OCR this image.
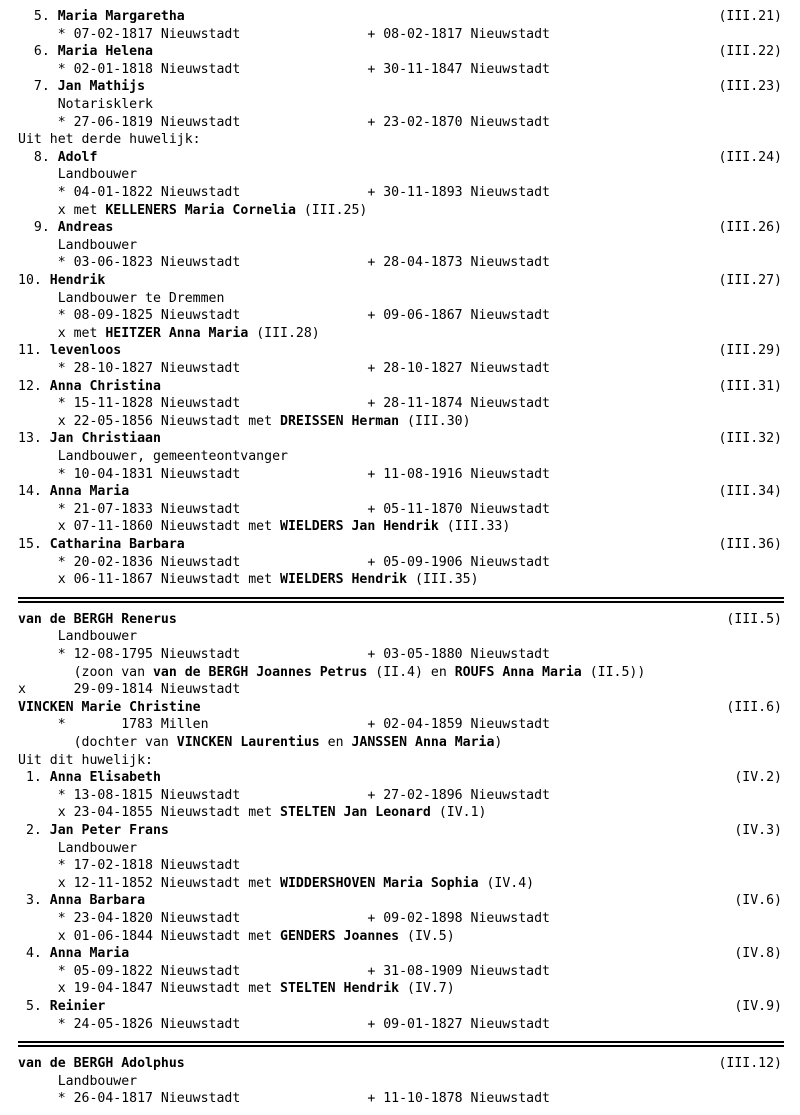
5. Maria Margaretha	(III.21)
* 07-02-1817 Nieuwstadt                + 08-02-1817 Nieuwstadt
6. Maria Helena	(III.22)
* 02-01-1818 Nieuwstadt                + 30-11-1847 Nieuwstadt
7. Jan Mathijs	(III.23)
Notarisklerk
* 27-06-1819 Nieuwstadt                + 23-02-1870 Nieuwstadt
Uit het derde huwelijk:
8. Adolf	(III.24)
Landbouwer
* 04-01-1822 Nieuwstadt                + 30-11-1893 Nieuwstadt
x met KELLENERS Maria Cornelia (III.25)
9. Andreas	(III.26)
Landbouwer
* 03-06-1823 Nieuwstadt                + 28-04-1873 Nieuwstadt
10. Hendrik	(III.27)
Landbouwer te Dremmen
* 08-09-1825 Nieuwstadt                + 09-06-1867 Nieuwstadt
x met HEITZER Anna Maria (III.28)
11. levenloos	(III.29)
* 28-10-1827 Nieuwstadt                + 28-10-1827 Nieuwstadt
12. Anna Christina	(III.31)
* 15-11-1828 Nieuwstadt                + 28-11-1874 Nieuwstadt
x 22-05-1856 Nieuwstadt met DREISSEN Herman (III.30)
13. Jan Christiaan	(III.32)
Landbouwer, gemeenteontvanger
* 10-04-1831 Nieuwstadt                + 11-08-1916 Nieuwstadt
14. Anna Maria	(III.34)
* 21-07-1833 Nieuwstadt                + 05-11-1870 Nieuwstadt
x 07-11-1860 Nieuwstadt met WIELDERS Jan Hendrik (III.33)
15. Catharina Barbara	(III.36)
* 20-02-1836 Nieuwstadt                + 05-09-1906 Nieuwstadt
x 06-11-1867 Nieuwstadt met WIELDERS Hendrik (III.35)
van de BERGH Renerus	(III.5)
Landbouwer
* 12-08-1795 Nieuwstadt                + 03-05-1880 Nieuwstadt
(zoon van van de BERGH Joannes Petrus (II.4) en ROUFS Anna Maria (II.5))
x      29-09-1814 Nieuwstadt
VINCKEN Marie Christine	(III.6)
*       1783 Millen                    + 02-04-1859 Nieuwstadt
(dochter van VINCKEN Laurentius en JANSSEN Anna Maria)
Uit dit huwelijk:
1. Anna Elisabeth	(IV.2)
* 13-08-1815 Nieuwstadt                + 27-02-1896 Nieuwstadt
x 23-04-1855 Nieuwstadt met STELTEN Jan Leonard (IV.1)
2. Jan Peter Frans	(IV.3)
Landbouwer
* 17-02-1818 Nieuwstadt
x 12-11-1852 Nieuwstadt met WIDDERSHOVEN Maria Sophia (IV.4)
3. Anna Barbara	(IV.6)
* 23-04-1820 Nieuwstadt                + 09-02-1898 Nieuwstadt
x 01-06-1844 Nieuwstadt met GENDERS Joannes (IV.5)
4. Anna Maria	(IV.8)
* 05-09-1822 Nieuwstadt                + 31-08-1909 Nieuwstadt
x 19-04-1847 Nieuwstadt met STELTEN Hendrik (IV.7)
5. Reinier	(IV.9)
* 24-05-1826 Nieuwstadt                + 09-01-1827 Nieuwstadt
van de BERGH Adolphus	(III.12)
Landbouwer
* 26-04-1817 Nieuwstadt                + 11-10-1878 Nieuwstadt
